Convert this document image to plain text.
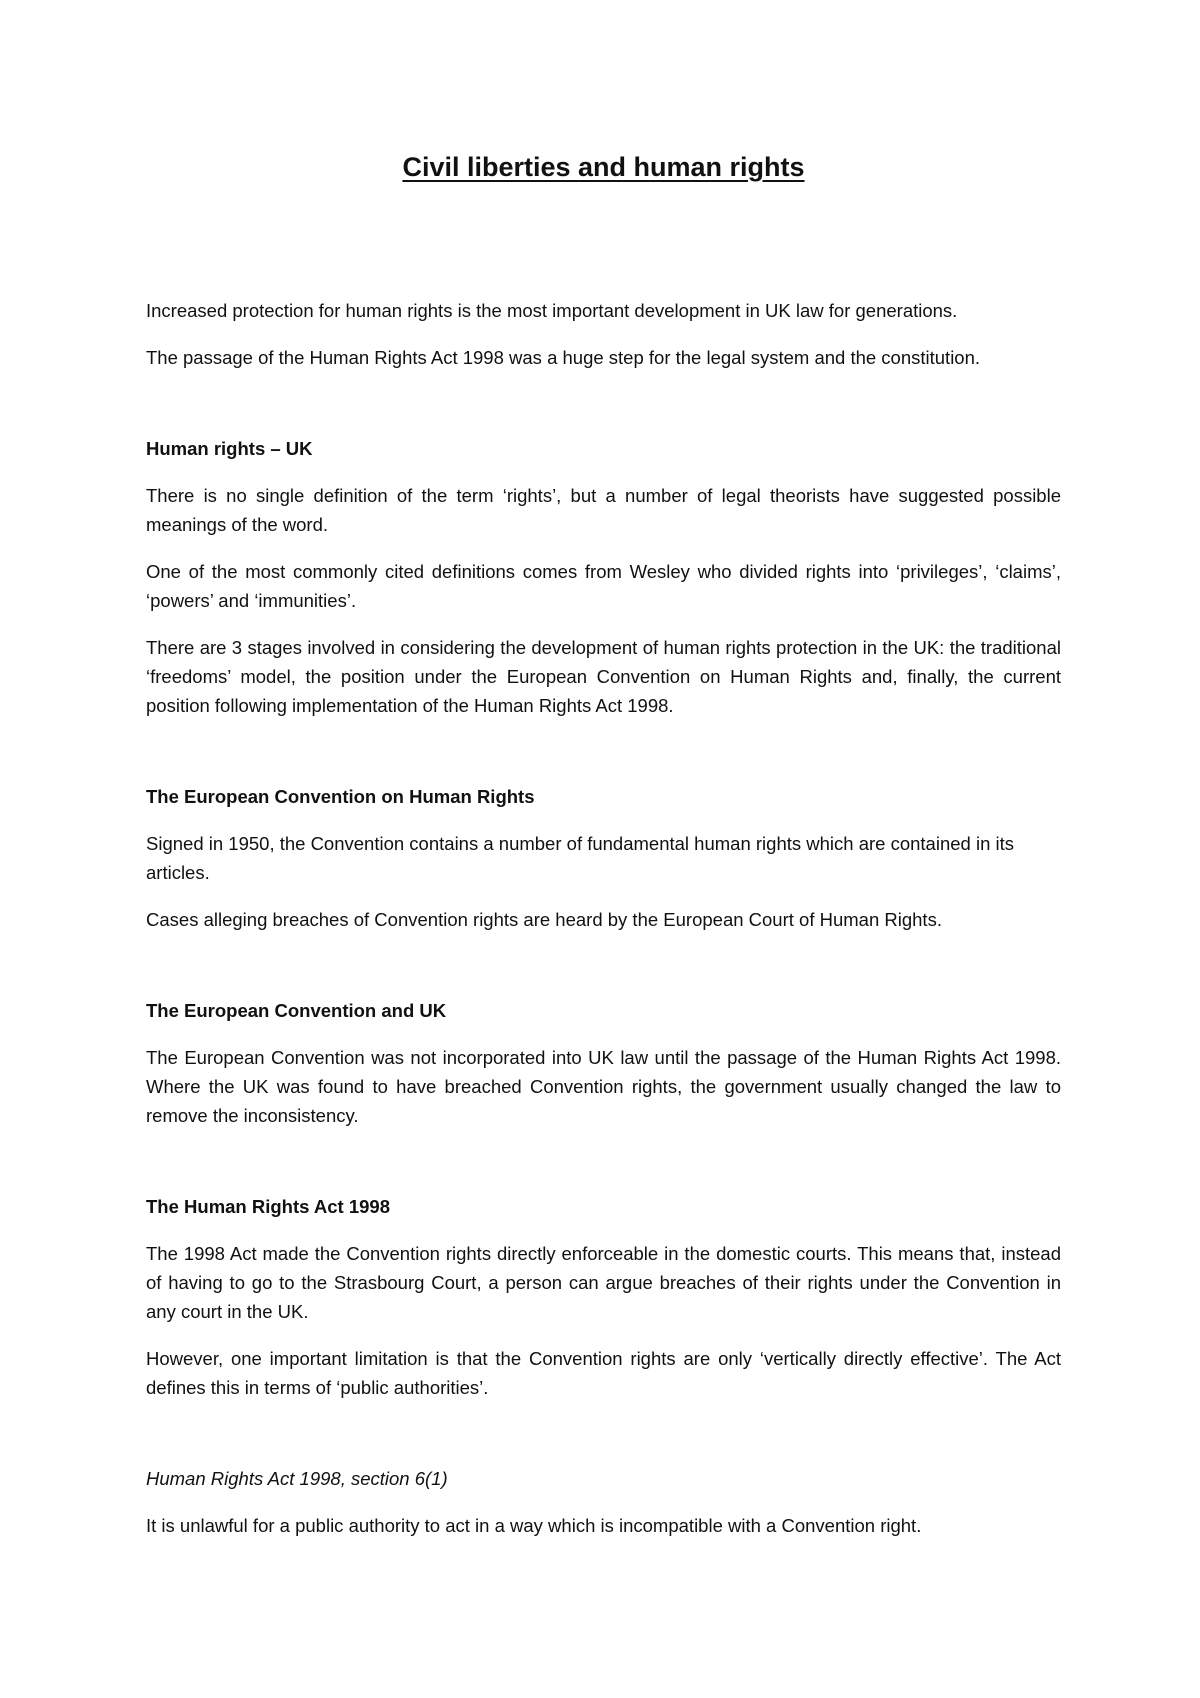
Civil liberties and human rights

Increased protection for human rights is the most important development in UK law for generations.

The passage of the Human Rights Act 1998 was a huge step for the legal system and the constitution.

Human rights – UK

There is no single definition of the term ‘rights’, but a number of legal theorists have suggested possible meanings of the word.

One of the most commonly cited definitions comes from Wesley who divided rights into ‘privileges’, ‘claims’, ‘powers’ and ‘immunities’.

There are 3 stages involved in considering the development of human rights protection in the UK: the traditional ‘freedoms’ model, the position under the European Convention on Human Rights and, finally, the current position following implementation of the Human Rights Act 1998.

The European Convention on Human Rights

Signed in 1950, the Convention contains a number of fundamental human rights which are contained in its articles.

Cases alleging breaches of Convention rights are heard by the European Court of Human Rights.

The European Convention and UK

The European Convention was not incorporated into UK law until the passage of the Human Rights Act 1998. Where the UK was found to have breached Convention rights, the government usually changed the law to remove the inconsistency.

The Human Rights Act 1998

The 1998 Act made the Convention rights directly enforceable in the domestic courts. This means that, instead of having to go to the Strasbourg Court, a person can argue breaches of their rights under the Convention in any court in the UK.

However, one important limitation is that the Convention rights are only ‘vertically directly effective’. The Act defines this in terms of ‘public authorities’.

Human Rights Act 1998, section 6(1)

It is unlawful for a public authority to act in a way which is incompatible with a Convention right.
